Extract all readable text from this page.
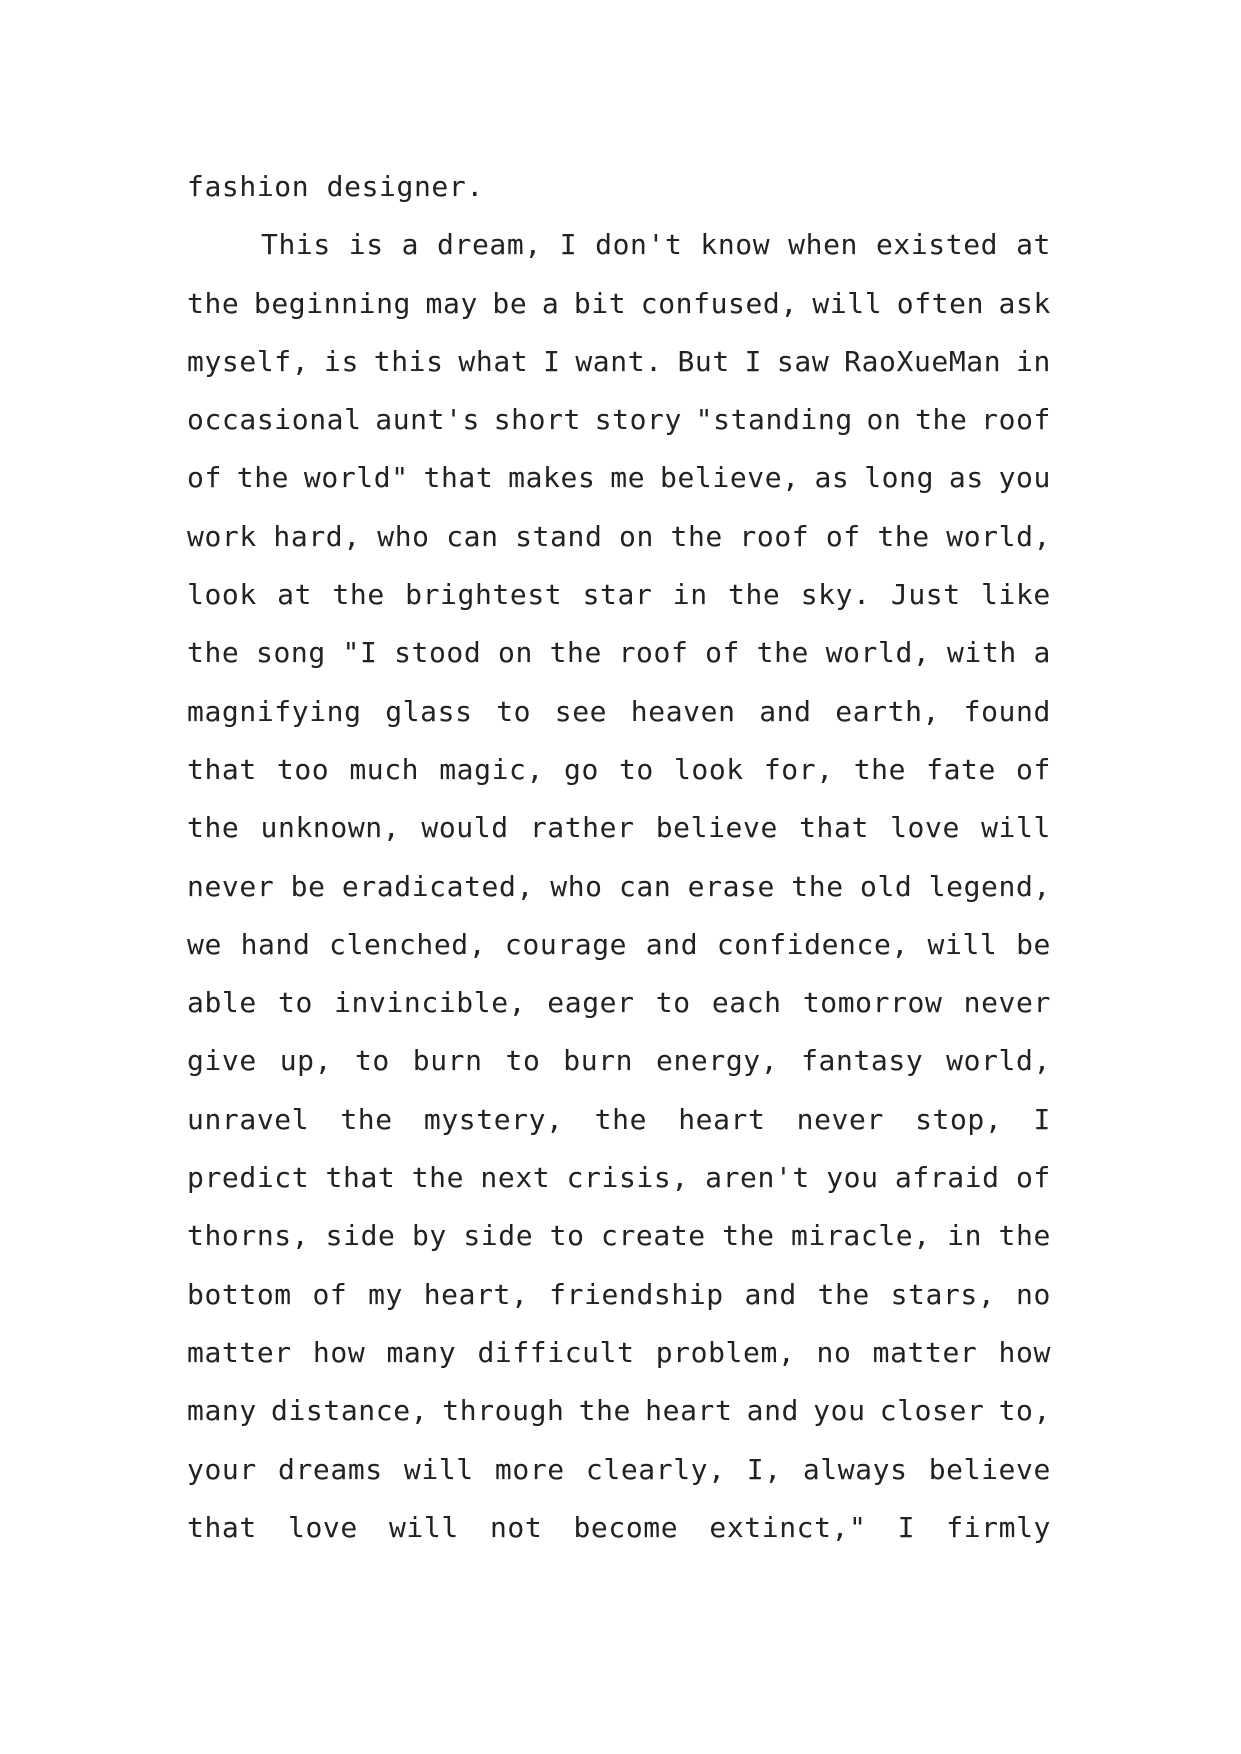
fashion designer.
This is a dream, I don't know when existed at
the beginning may be a bit confused, will often ask
myself, is this what I want. But I saw RaoXueMan in
occasional aunt's short story "standing on the roof
of the world" that makes me believe, as long as you
work hard, who can stand on the roof of the world,
look at the brightest star in the sky. Just like
the song "I stood on the roof of the world, with a
magnifying glass to see heaven and earth, found
that too much magic, go to look for, the fate of
the unknown, would rather believe that love will
never be eradicated, who can erase the old legend,
we hand clenched, courage and confidence, will be
able to invincible, eager to each tomorrow never
give up, to burn to burn energy, fantasy world,
unravel the mystery, the heart never stop, I
predict that the next crisis, aren't you afraid of
thorns, side by side to create the miracle, in the
bottom of my heart, friendship and the stars, no
matter how many difficult problem, no matter how
many distance, through the heart and you closer to,
your dreams will more clearly, I, always believe
that love will not become extinct," I firmly
